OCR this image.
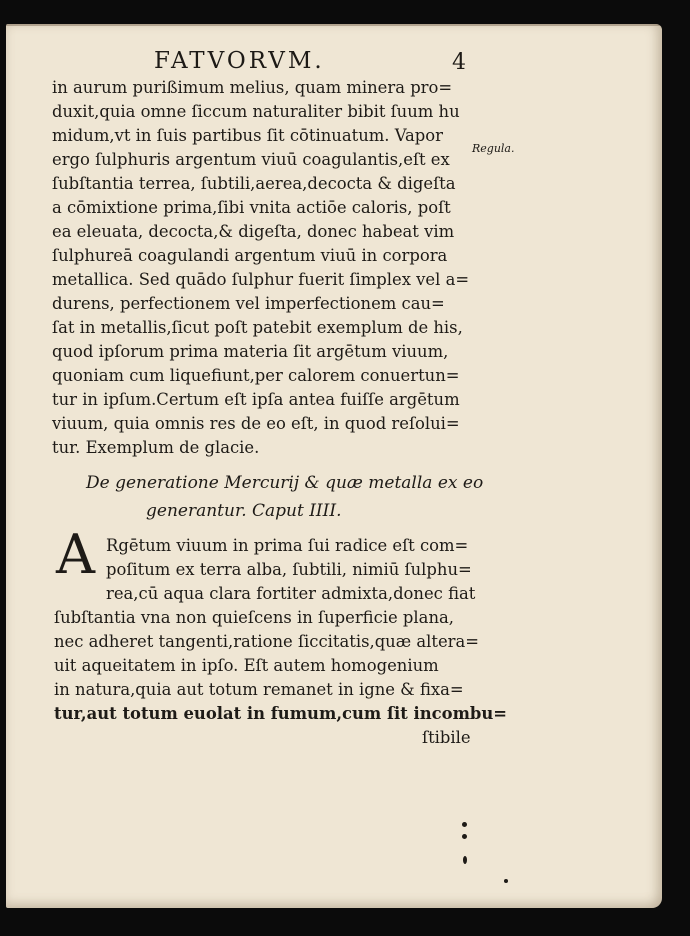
FATVORVM.	4
Regula.
in aurum purißimum melius, quam minera pro=
duxit,quia omne ſiccum naturaliter bibit ſuum hu
midum,vt in ſuis partibus ſit cōtinuatum. Vapor
ergo ſulphuris argentum viuū coagulantis,eſt ex
ſubſtantia terrea, ſubtili,aerea,decocta & digeſta
a cōmixtione prima,ſibi vnita actiōe caloris, poſt
ea eleuata, decocta,& digeſta, donec habeat vim
ſulphureā coagulandi argentum viuū in corpora
metallica. Sed quādo ſulphur fuerit ſimplex vel a=
durens, perfectionem vel imperfectionem cau=
ſat in metallis,ſicut poſt patebit exemplum de his,
quod ipſorum prima materia ſit argētum viuum,
quoniam cum liquefiunt,per calorem conuertun=
tur in ipſum.Certum eſt ipſa antea fuiſſe argētum
viuum, quia omnis res de eo eſt, in quod reſolui=
tur. Exemplum de glacie.
De generatione Mercurij & quæ metalla ex eo
generantur. Caput IIII.
A Rgētum viuum in prima ſui radice eſt com=
poſitum ex terra alba, ſubtili, nimiū ſulphu=
rea,cū aqua clara fortiter admixta,donec fiat
ſubſtantia vna non quieſcens in ſuperficie plana,
nec adheret tangenti,ratione ſiccitatis,quæ altera=
uit aqueitatem in ipſo. Eſt autem homogenium
in natura,quia aut totum remanet in igne & fixa=
tur,aut totum euolat in fumum,cum ſit incombu=
ſtibile
